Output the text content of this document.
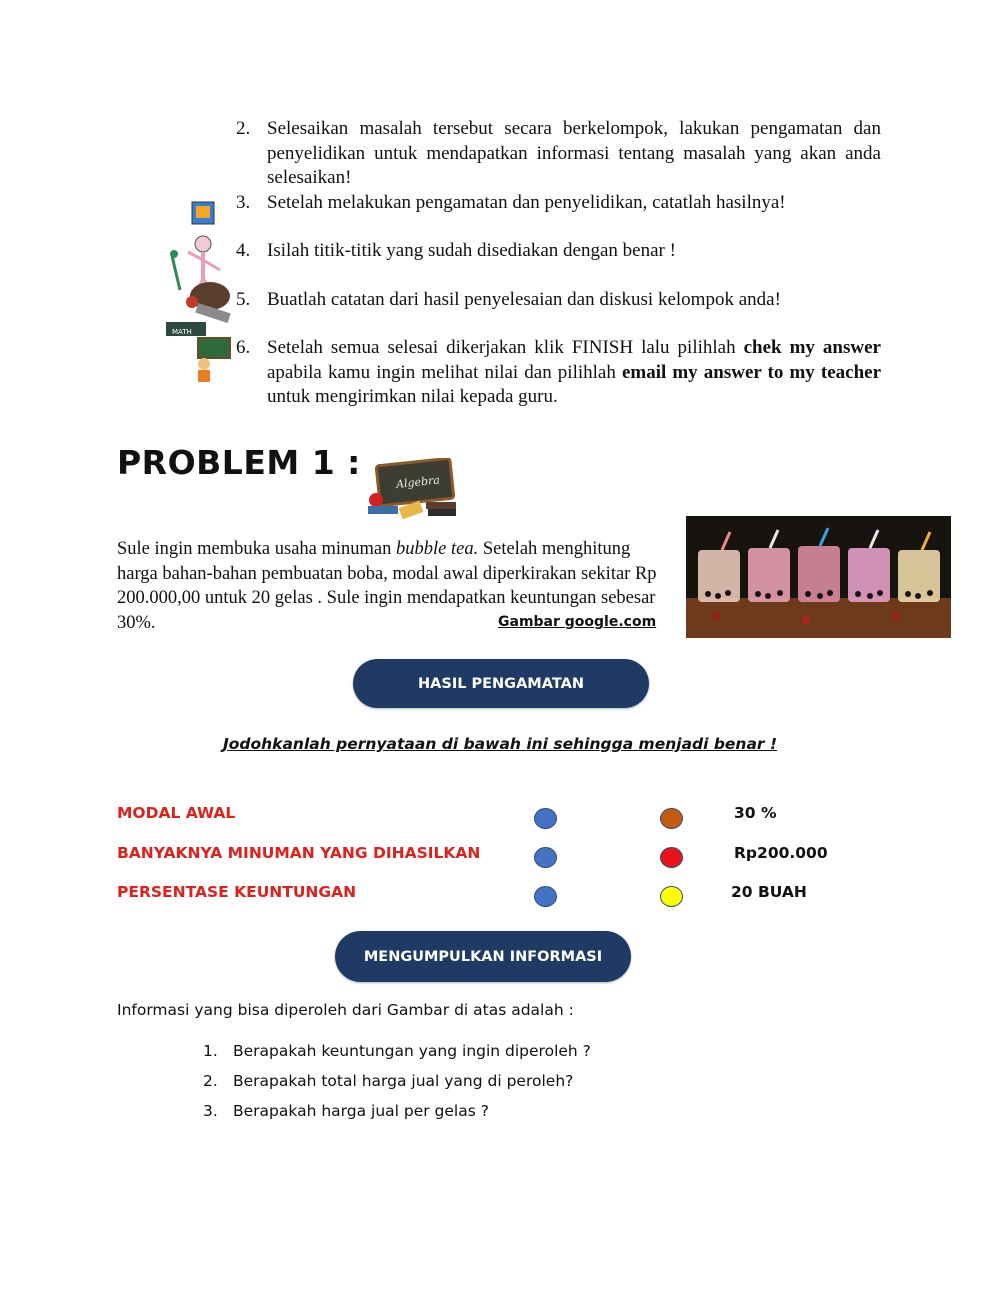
2. Selesaikan masalah tersebut secara berkelompok, lakukan pengamatan dan penyelidikan untuk mendapatkan informasi tentang masalah yang akan anda selesaikan!
3. Setelah melakukan pengamatan dan penyelidikan, catatlah hasilnya!
4. Isilah titik-titik yang sudah disediakan dengan benar !
5. Buatlah catatan dari hasil penyelesaian dan diskusi kelompok anda!
6. Setelah semua selesai dikerjakan klik FINISH lalu pilihlah chek my answer apabila kamu ingin melihat nilai dan pilihlah email my answer to my teacher untuk mengirimkan nilai kepada guru.
MATH
PROBLEM 1 :
Algebra
Sule ingin membuka usaha minuman bubble tea. Setelah menghitung harga bahan-bahan pembuatan boba, modal awal diperkirakan sekitar Rp 200.000,00 untuk 20 gelas . Sule ingin mendapatkan keuntungan sebesar 30%.	Gambar google.com
HASIL PENGAMATAN
Jodohkanlah pernyataan di bawah ini sehingga menjadi benar !
MODAL AWAL
BANYAKNYA MINUMAN YANG DIHASILKAN
PERSENTASE KEUNTUNGAN
30 %
Rp200.000
20 BUAH
MENGUMPULKAN INFORMASI
Informasi yang bisa diperoleh dari Gambar di atas adalah :
1. Berapakah keuntungan yang ingin diperoleh ?
2. Berapakah total harga jual yang di peroleh?
3. Berapakah harga jual per gelas ?
